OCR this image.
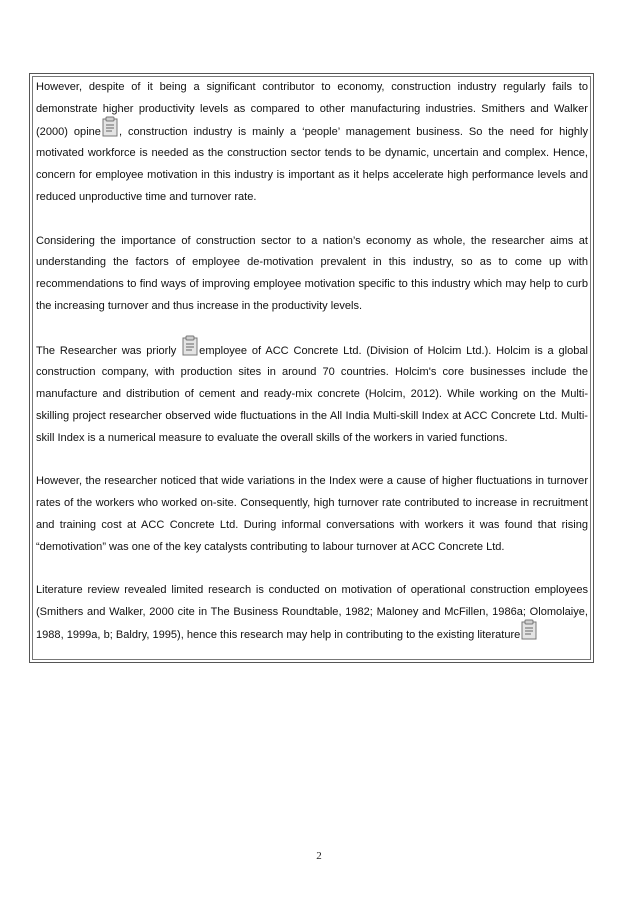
However, despite of it being a significant contributor to economy, construction industry regularly fails to demonstrate higher productivity levels as compared to other manufacturing industries. Smithers and Walker (2000) opine , construction industry is mainly a ‘people’ management business. So the need for highly motivated workforce is needed as the construction sector tends to be dynamic, uncertain and complex. Hence, concern for employee motivation in this industry is important as it helps accelerate high performance levels and reduced unproductive time and turnover rate.

Considering the importance of construction sector to a nation’s economy as whole, the researcher aims at understanding the factors of employee de-motivation prevalent in this industry, so as to come up with recommendations to find ways of improving employee motivation specific to this industry which may help to curb the increasing turnover and thus increase in the productivity levels.

The Researcher was priorly employee of ACC Concrete Ltd. (Division of Holcim Ltd.). Holcim is a global construction company, with production sites in around 70 countries. Holcim's core businesses include the manufacture and distribution of cement and ready-mix concrete (Holcim, 2012). While working on the Multi-skilling project researcher observed wide fluctuations in the All India Multi-skill Index at ACC Concrete Ltd. Multi-skill Index is a numerical measure to evaluate the overall skills of the workers in varied functions.

However, the researcher noticed that wide variations in the Index were a cause of higher fluctuations in turnover rates of the workers who worked on-site. Consequently, high turnover rate contributed to increase in recruitment and training cost at ACC Concrete Ltd. During informal conversations with workers it was found that rising “demotivation” was one of the key catalysts contributing to labour turnover at ACC Concrete Ltd.

Literature review revealed limited research is conducted on motivation of operational construction employees (Smithers and Walker, 2000 cite in The Business Roundtable, 1982; Maloney and McFillen, 1986a; Olomolaiye, 1988, 1999a, b; Baldry, 1995), hence this research may help in contributing to the existing literature

2
